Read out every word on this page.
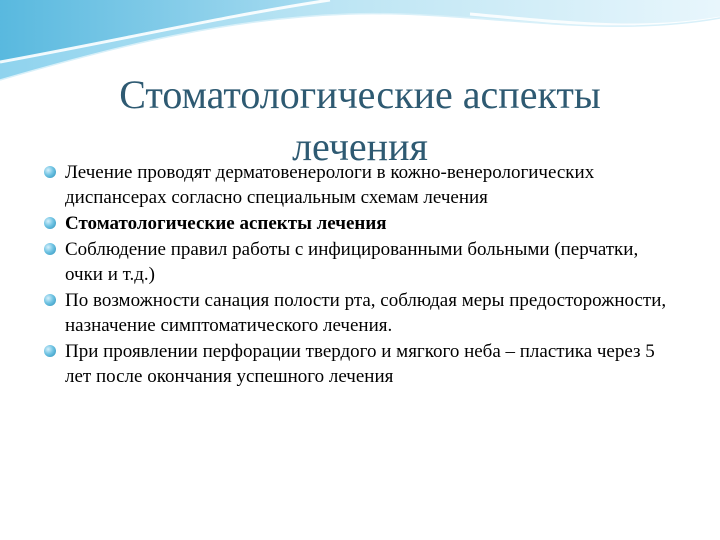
Стоматологические аспекты
лечения
Лечение проводят дерматовенерологи в кожно-венерологических диспансерах согласно специальным схемам лечения
Стоматологические аспекты лечения
Соблюдение правил работы с инфицированными больными (перчатки, очки и т.д.)
По возможности санация полости рта, соблюдая меры предосторожности, назначение симптоматического лечения.
При проявлении перфорации твердого и мягкого неба – пластика через 5 лет после окончания успешного лечения
